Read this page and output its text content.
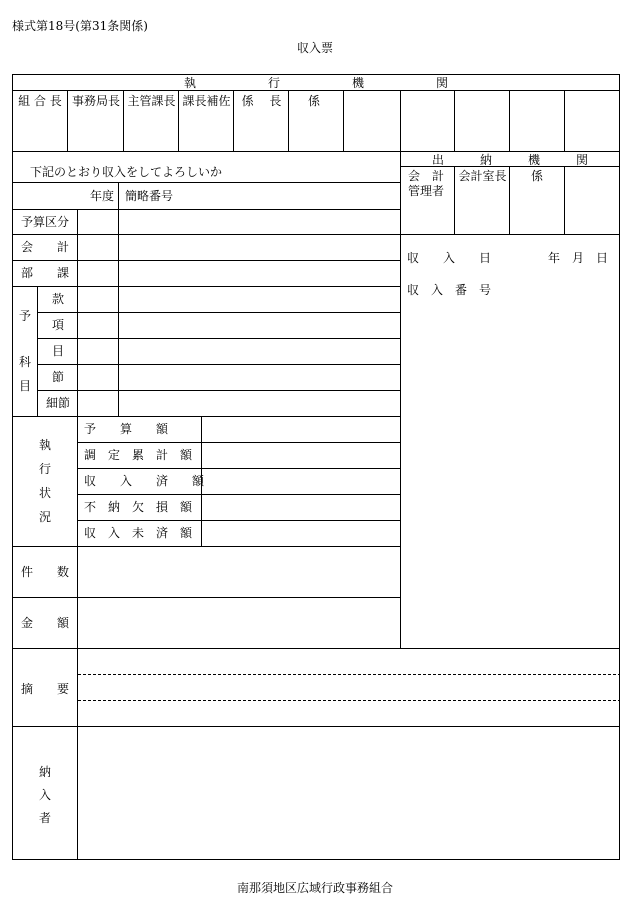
様式第18号(第31条関係)
収入票
執　　　　　　行　　　　　　機　　　　　　関
組 合 長 事務局長 主管課長 課長補佐 係　 長	係
出　　　納　　　機　　　関
会　計
管理者
会計室長 係
下記のとおり収入をしてよろしいか
年度 簡略番号
予算区分
会　　計
部　　課
予
科
目
款
項
目
節
細節
執
行
状
況
予　　算　　額
調　定　累　計　額
収　　入　　済　　額
不　納　欠　損　額
収　入　未　済　額
収　　入　　日	年　月　日
収　入　番　号
件　　数
金　　額
摘　　要
納
入
者
南那須地区広域行政事務組合
